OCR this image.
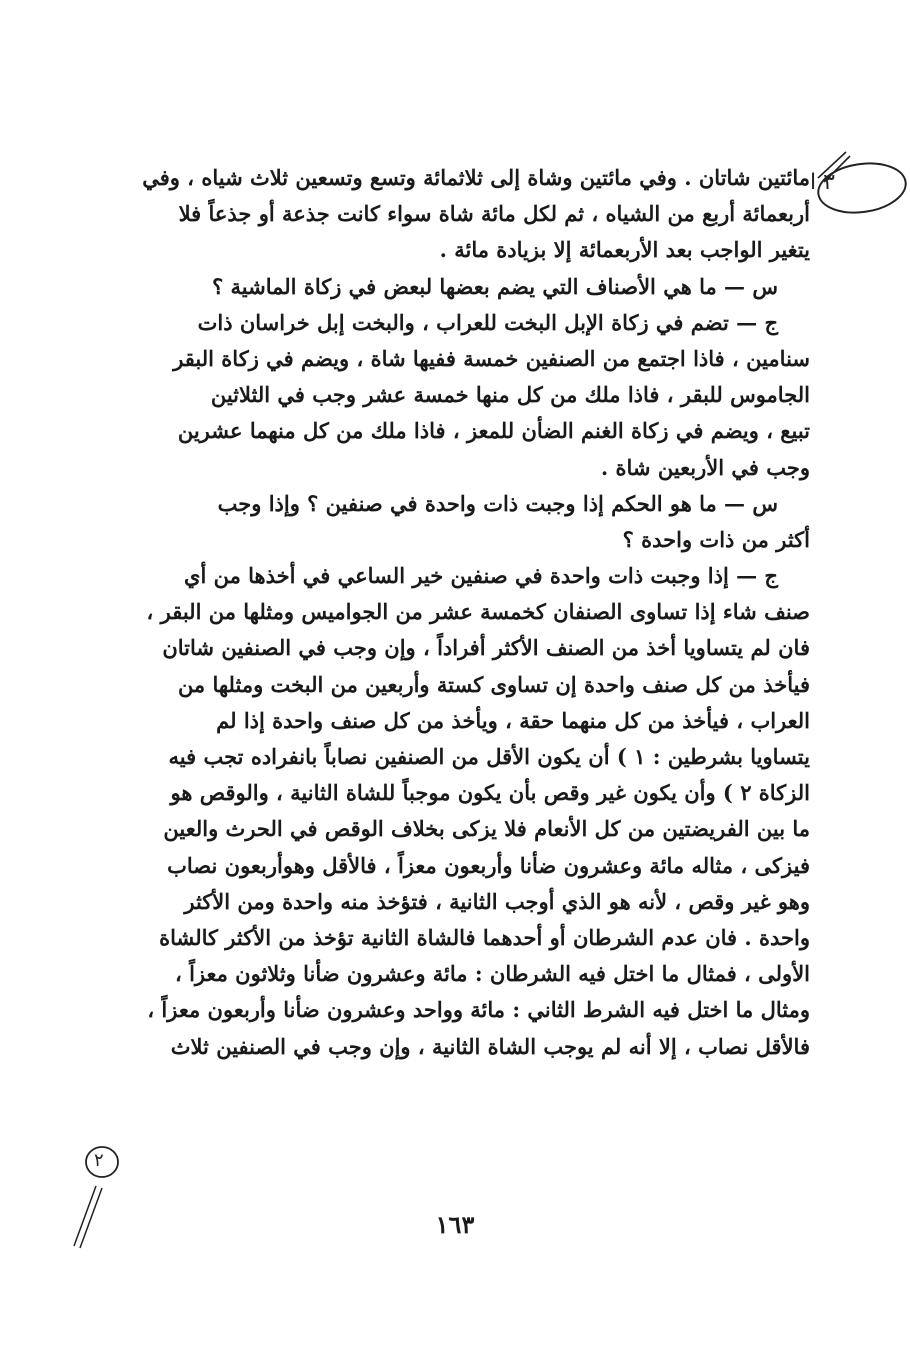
٣ ا
مائتين شاتان . وفي مائتين وشاة إلى ثلاثمائة وتسع وتسعين ثلاث شياه ، وفي
أربعمائة أربع من الشياه ، ثم لكل مائة شاة سواء كانت جذعة أو جذعاً فلا
يتغير الواجب بعد الأربعمائة إلا بزيادة مائة .
س — ما هي الأصناف التي يضم بعضها لبعض في زكاة الماشية ؟
ج — تضم في زكاة الإبل البخت للعراب ، والبخت إبل خراسان ذات
سنامين ، فاذا اجتمع من الصنفين خمسة ففيها شاة ، ويضم في زكاة البقر
الجاموس للبقر ، فاذا ملك من كل منها خمسة عشر وجب في الثلاثين
تبيع ، ويضم في زكاة الغنم الضأن للمعز ، فاذا ملك من كل منهما عشرين
وجب في الأربعين شاة .
س — ما هو الحكم إذا وجبت ذات واحدة في صنفين ؟ وإذا وجب
أكثر من ذات واحدة ؟
ج — إذا وجبت ذات واحدة في صنفين خير الساعي في أخذها من أي
صنف شاء إذا تساوى الصنفان كخمسة عشر من الجواميس ومثلها من البقر ،
فان لم يتساويا أخذ من الصنف الأكثر أفراداً ، وإن وجب في الصنفين شاتان
فيأخذ من كل صنف واحدة إن تساوى كستة وأربعين من البخت ومثلها من
العراب ، فيأخذ من كل منهما حقة ، ويأخذ من كل صنف واحدة إذا لم
يتساويا بشرطين : ١ ) أن يكون الأقل من الصنفين نصاباً بانفراده تجب فيه
الزكاة ٢ ) وأن يكون غير وقص بأن يكون موجباً للشاة الثانية ، والوقص هو
ما بين الفريضتين من كل الأنعام فلا يزكى بخلاف الوقص في الحرث والعين
فيزكى ، مثاله مائة وعشرون ضأنا وأربعون معزاً ، فالأقل وهوأربعون نصاب
وهو غير وقص ، لأنه هو الذي أوجب الثانية ، فتؤخذ منه واحدة ومن الأكثر
واحدة . فان عدم الشرطان أو أحدهما فالشاة الثانية تؤخذ من الأكثر كالشاة
الأولى ، فمثال ما اختل فيه الشرطان : مائة وعشرون ضأنا وثلاثون معزاً ،
ومثال ما اختل فيه الشرط الثاني : مائة وواحد وعشرون ضأنا وأربعون معزاً ،
فالأقل نصاب ، إلا أنه لم يوجب الشاة الثانية ، وإن وجب في الصنفين ثلاث
٢
١٦٣
